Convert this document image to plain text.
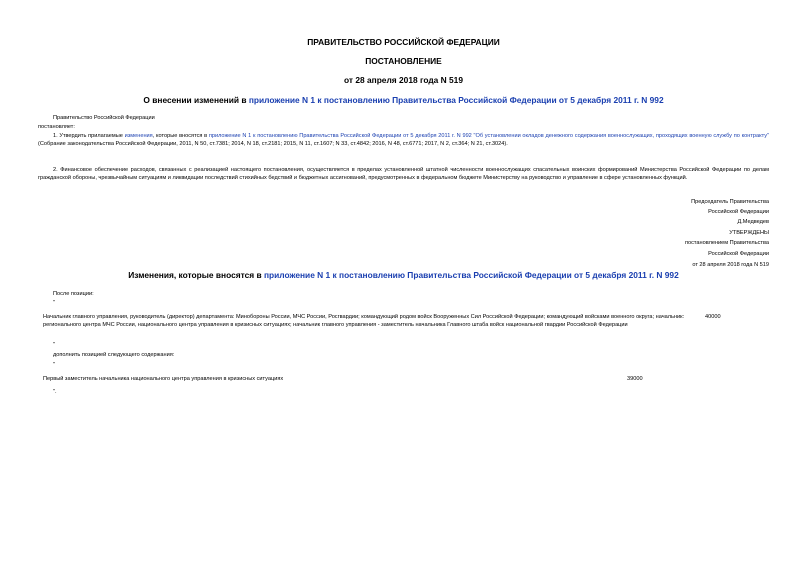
ПРАВИТЕЛЬСТВО РОССИЙСКОЙ ФЕДЕРАЦИИ
ПОСТАНОВЛЕНИЕ
от 28 апреля 2018 года N 519
О внесении изменений в приложение N 1 к постановлению Правительства Российской Федерации от 5 декабря 2011 г. N 992
Правительство Российской Федерации
постановляет:
1. Утвердить прилагаемые изменения, которые вносятся в приложение N 1 к постановлению Правительства Российской Федерации от 5 декабря 2011 г. N 992 "Об установлении окладов денежного содержания военнослужащих, проходящих военную службу по контракту" (Собрание законодательства Российской Федерации, 2011, N 50, ст.7381; 2014, N 18, ст.2181; 2015, N 11, ст.1607; N 33, ст.4842; 2016, N 48, ст.6771; 2017, N 2, ст.364; N 21, ст.3024).
2. Финансовое обеспечение расходов, связанных с реализацией настоящего постановления, осуществляется в пределах установленной штатной численности военнослужащих спасательных воинских формирований Министерства Российской Федерации по делам гражданской обороны, чрезвычайным ситуациям и ликвидации последствий стихийных бедствий и бюджетных ассигнований, предусмотренных в федеральном бюджете Министерству на руководство и управление в сфере установленных функций.
Председатель Правительства
Российской Федерации
Д.Медведев
УТВЕРЖДЕНЫ
постановлением Правительства
Российской Федерации
от 28 апреля 2018 года N 519
Изменения, которые вносятся в приложение N 1 к постановлению Правительства Российской Федерации от 5 декабря 2011 г. N 992
После позиции:
"
Начальник главного управления, руководитель (директор) департамента: Минобороны России, МЧС России, Росгвардии; командующий родом войск Вооруженных Сил Российской Федерации; командующий войсками военного округа; начальник: регионального центра МЧС России, национального центра управления в кризисных ситуациях; начальник главного управления - заместитель начальника Главного штаба войск национальной гвардии Российской Федерации
40000
"
дополнить позицией следующего содержания:
"
Первый заместитель начальника национального центра управления в кризисных ситуациях	39000
".
